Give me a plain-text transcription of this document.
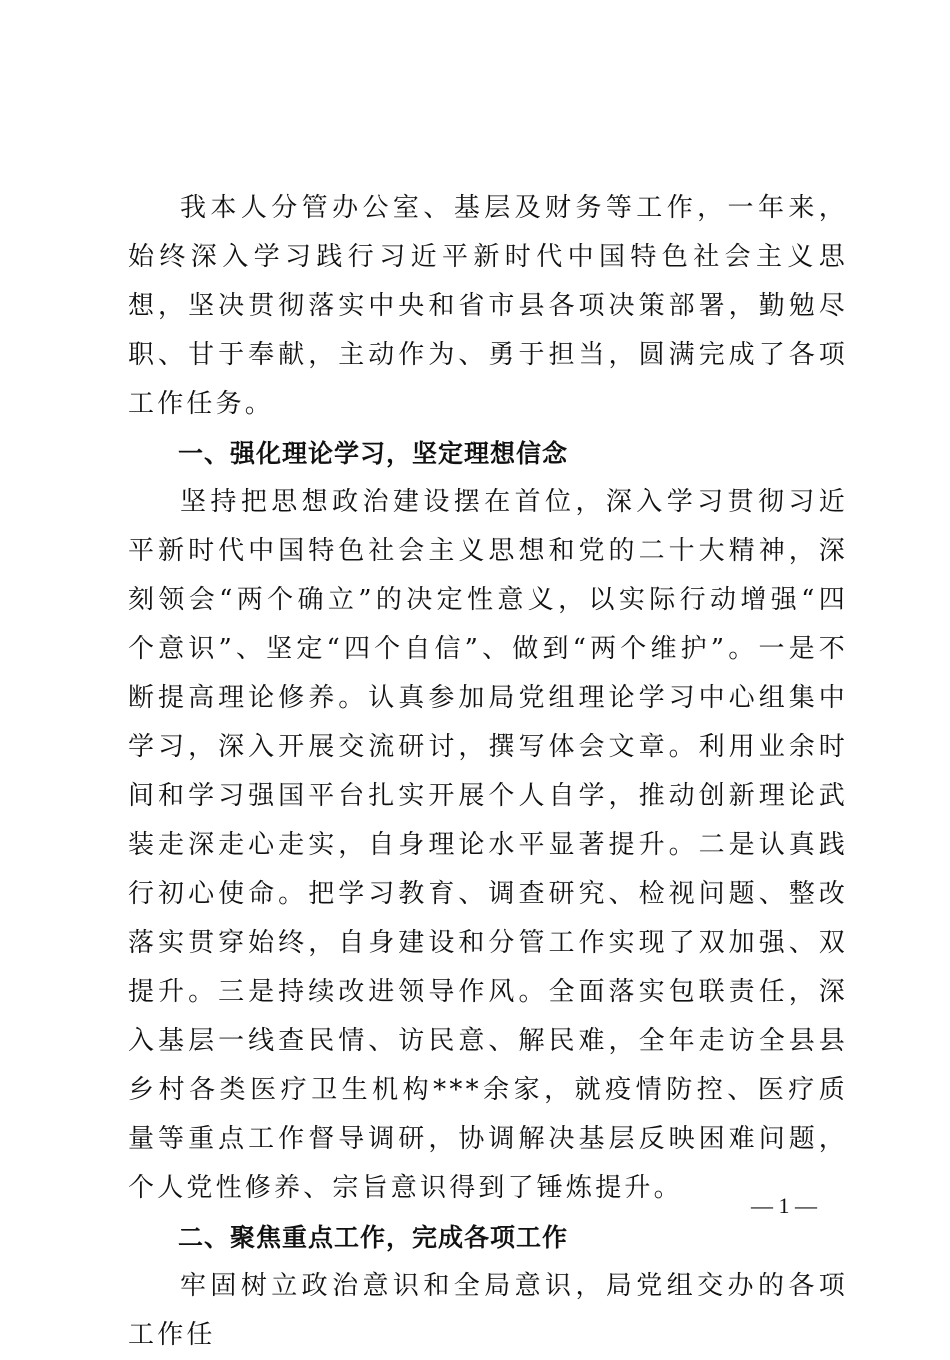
我本人分管办公室、基层及财务等工作，一年来，始终深入学习践行习近平新时代中国特色社会主义思想，坚决贯彻落实中央和省市县各项决策部署，勤勉尽职、甘于奉献，主动作为、勇于担当，圆满完成了各项工作任务。

一、强化理论学习，坚定理想信念

坚持把思想政治建设摆在首位，深入学习贯彻习近平新时代中国特色社会主义思想和党的二十大精神，深刻领会“两个确立”的决定性意义，以实际行动增强“四个意识”、坚定“四个自信”、做到“两个维护”。一是不断提高理论修养。认真参加局党组理论学习中心组集中学习，深入开展交流研讨，撰写体会文章。利用业余时间和学习强国平台扎实开展个人自学，推动创新理论武装走深走心走实，自身理论水平显著提升。二是认真践行初心使命。把学习教育、调查研究、检视问题、整改落实贯穿始终，自身建设和分管工作实现了双加强、双提升。三是持续改进领导作风。全面落实包联责任，深入基层一线查民情、访民意、解民难，全年走访全县县乡村各类医疗卫生机构***余家，就疫情防控、医疗质量等重点工作督导调研，协调解决基层反映困难问题，个人党性修养、宗旨意识得到了锤炼提升。

二、聚焦重点工作，完成各项工作

牢固树立政治意识和全局意识，局党组交办的各项工作任

— 1 —
